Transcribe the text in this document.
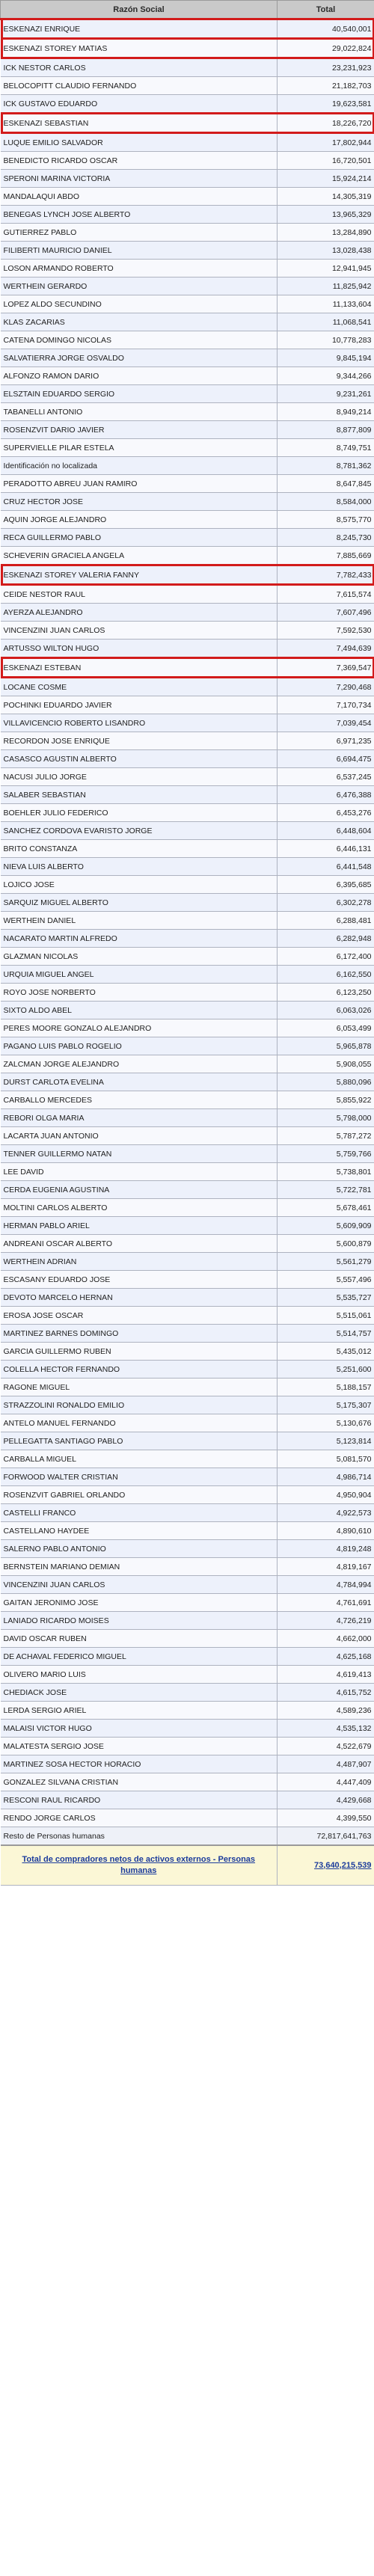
Razón Social	Total
ESKENAZI ENRIQUE	40,540,001
ESKENAZI STOREY MATIAS	29,022,824
ICK NESTOR CARLOS	23,231,923
BELOCOPITT CLAUDIO FERNANDO	21,182,703
ICK GUSTAVO EDUARDO	19,623,581
ESKENAZI SEBASTIAN	18,226,720
LUQUE EMILIO SALVADOR	17,802,944
BENEDICTO RICARDO OSCAR	16,720,501
SPERONI MARINA VICTORIA	15,924,214
MANDALAQUI ABDO	14,305,319
BENEGAS LYNCH JOSE ALBERTO	13,965,329
GUTIERREZ PABLO	13,284,890
FILIBERTI MAURICIO DANIEL	13,028,438
LOSON ARMANDO ROBERTO	12,941,945
WERTHEIN GERARDO	11,825,942
LOPEZ ALDO SECUNDINO	11,133,604
KLAS ZACARIAS	11,068,541
CATENA DOMINGO NICOLAS	10,778,283
SALVATIERRA JORGE OSVALDO	9,845,194
ALFONZO RAMON DARIO	9,344,266
ELSZTAIN EDUARDO SERGIO	9,231,261
TABANELLI ANTONIO	8,949,214
ROSENZVIT DARIO JAVIER	8,877,809
SUPERVIELLE PILAR ESTELA	8,749,751
Identificación no localizada	8,781,362
PERADOTTO ABREU JUAN RAMIRO	8,647,845
CRUZ HECTOR JOSE	8,584,000
AQUIN JORGE ALEJANDRO	8,575,770
RECA GUILLERMO PABLO	8,245,730
SCHEVERIN GRACIELA ANGELA	7,885,669
ESKENAZI STOREY VALERIA FANNY	7,782,433
CEIDE NESTOR RAUL	7,615,574
AYERZA ALEJANDRO	7,607,496
VINCENZINI JUAN CARLOS	7,592,530
ARTUSSO WILTON HUGO	7,494,639
ESKENAZI ESTEBAN	7,369,547
LOCANE COSME	7,290,468
POCHINKI EDUARDO JAVIER	7,170,734
VILLAVICENCIO ROBERTO LISANDRO	7,039,454
RECORDON JOSE ENRIQUE	6,971,235
CASASCO AGUSTIN ALBERTO	6,694,475
NACUSI JULIO JORGE	6,537,245
SALABER SEBASTIAN	6,476,388
BOEHLER JULIO FEDERICO	6,453,276
SANCHEZ CORDOVA EVARISTO JORGE	6,448,604
BRITO CONSTANZA	6,446,131
NIEVA LUIS ALBERTO	6,441,548
LOJICO JOSE	6,395,685
SARQUIZ MIGUEL ALBERTO	6,302,278
WERTHEIN DANIEL	6,288,481
NACARATO MARTIN ALFREDO	6,282,948
GLAZMAN NICOLAS	6,172,400
URQUIA MIGUEL ANGEL	6,162,550
ROYO JOSE NORBERTO	6,123,250
SIXTO ALDO ABEL	6,063,026
PERES MOORE GONZALO ALEJANDRO	6,053,499
PAGANO LUIS PABLO ROGELIO	5,965,878
ZALCMAN JORGE ALEJANDRO	5,908,055
DURST CARLOTA EVELINA	5,880,096
CARBALLO MERCEDES	5,855,922
REBORI OLGA MARIA	5,798,000
LACARTA JUAN ANTONIO	5,787,272
TENNER GUILLERMO NATAN	5,759,766
LEE DAVID	5,738,801
CERDA EUGENIA AGUSTINA	5,722,781
MOLTINI CARLOS ALBERTO	5,678,461
HERMAN PABLO ARIEL	5,609,909
ANDREANI OSCAR ALBERTO	5,600,879
WERTHEIN ADRIAN	5,561,279
ESCASANY EDUARDO JOSE	5,557,496
DEVOTO MARCELO HERNAN	5,535,727
EROSA JOSE OSCAR	5,515,061
MARTINEZ BARNES DOMINGO	5,514,757
GARCIA GUILLERMO RUBEN	5,435,012
COLELLA HECTOR FERNANDO	5,251,600
RAGONE MIGUEL	5,188,157
STRAZZOLINI RONALDO EMILIO	5,175,307
ANTELO MANUEL FERNANDO	5,130,676
PELLEGATTA SANTIAGO PABLO	5,123,814
CARBALLA MIGUEL	5,081,570
FORWOOD WALTER CRISTIAN	4,986,714
ROSENZVIT GABRIEL ORLANDO	4,950,904
CASTELLI FRANCO	4,922,573
CASTELLANO HAYDEE	4,890,610
SALERNO PABLO ANTONIO	4,819,248
BERNSTEIN MARIANO DEMIAN	4,819,167
VINCENZINI JUAN CARLOS	4,784,994
GAITAN JERONIMO JOSE	4,761,691
LANIADO RICARDO MOISES	4,726,219
DAVID OSCAR RUBEN	4,662,000
DE ACHAVAL FEDERICO MIGUEL	4,625,168
OLIVERO MARIO LUIS	4,619,413
CHEDIACK JOSE	4,615,752
LERDA SERGIO ARIEL	4,589,236
MALAISI VICTOR HUGO	4,535,132
MALATESTA SERGIO JOSE	4,522,679
MARTINEZ SOSA HECTOR HORACIO	4,487,907
GONZALEZ SILVANA CRISTIAN	4,447,409
RESCONI RAUL RICARDO	4,429,668
RENDO JORGE CARLOS	4,399,550
Resto de Personas humanas	72,817,641,763
Total de compradores netos de activos externos - Personas humanas	73,640,215,539
